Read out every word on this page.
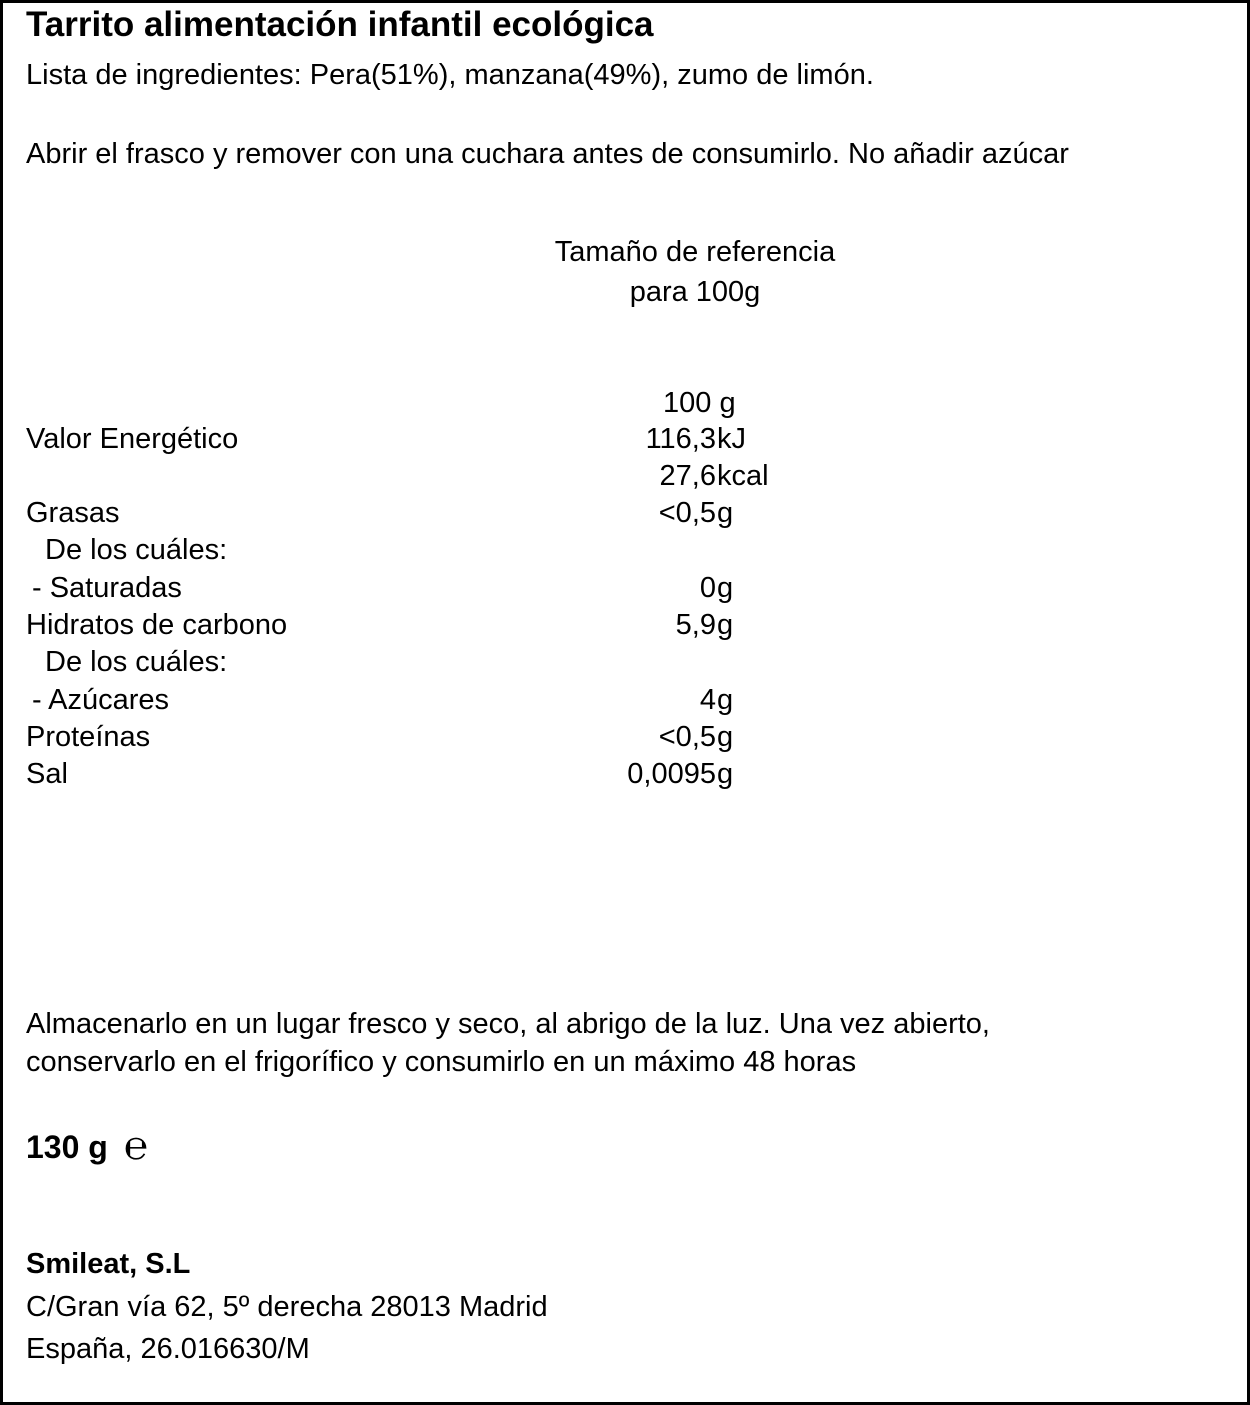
Tarrito alimentación infantil ecológica
Lista de ingredientes: Pera(51%), manzana(49%), zumo de limón.
Abrir el frasco y remover con una cuchara antes de consumirlo. No añadir azúcar
Tamaño de referencia
para 100g
100 g
Valor Energético	116,3 kJ
27,6 kcal
Grasas	<0,5 g
De los cuáles:
- Saturadas	0 g
Hidratos de carbono	5,9 g
De los cuáles:
- Azúcares	4 g
Proteínas	<0,5 g
Sal	0,0095 g
Almacenarlo en un lugar fresco y seco, al abrigo de la luz. Una vez abierto,
conservarlo en el frigorífico y consumirlo en un máximo 48 horas
130 g ℮
Smileat, S.L
C/Gran vía 62, 5º derecha 28013 Madrid
España, 26.016630/M
